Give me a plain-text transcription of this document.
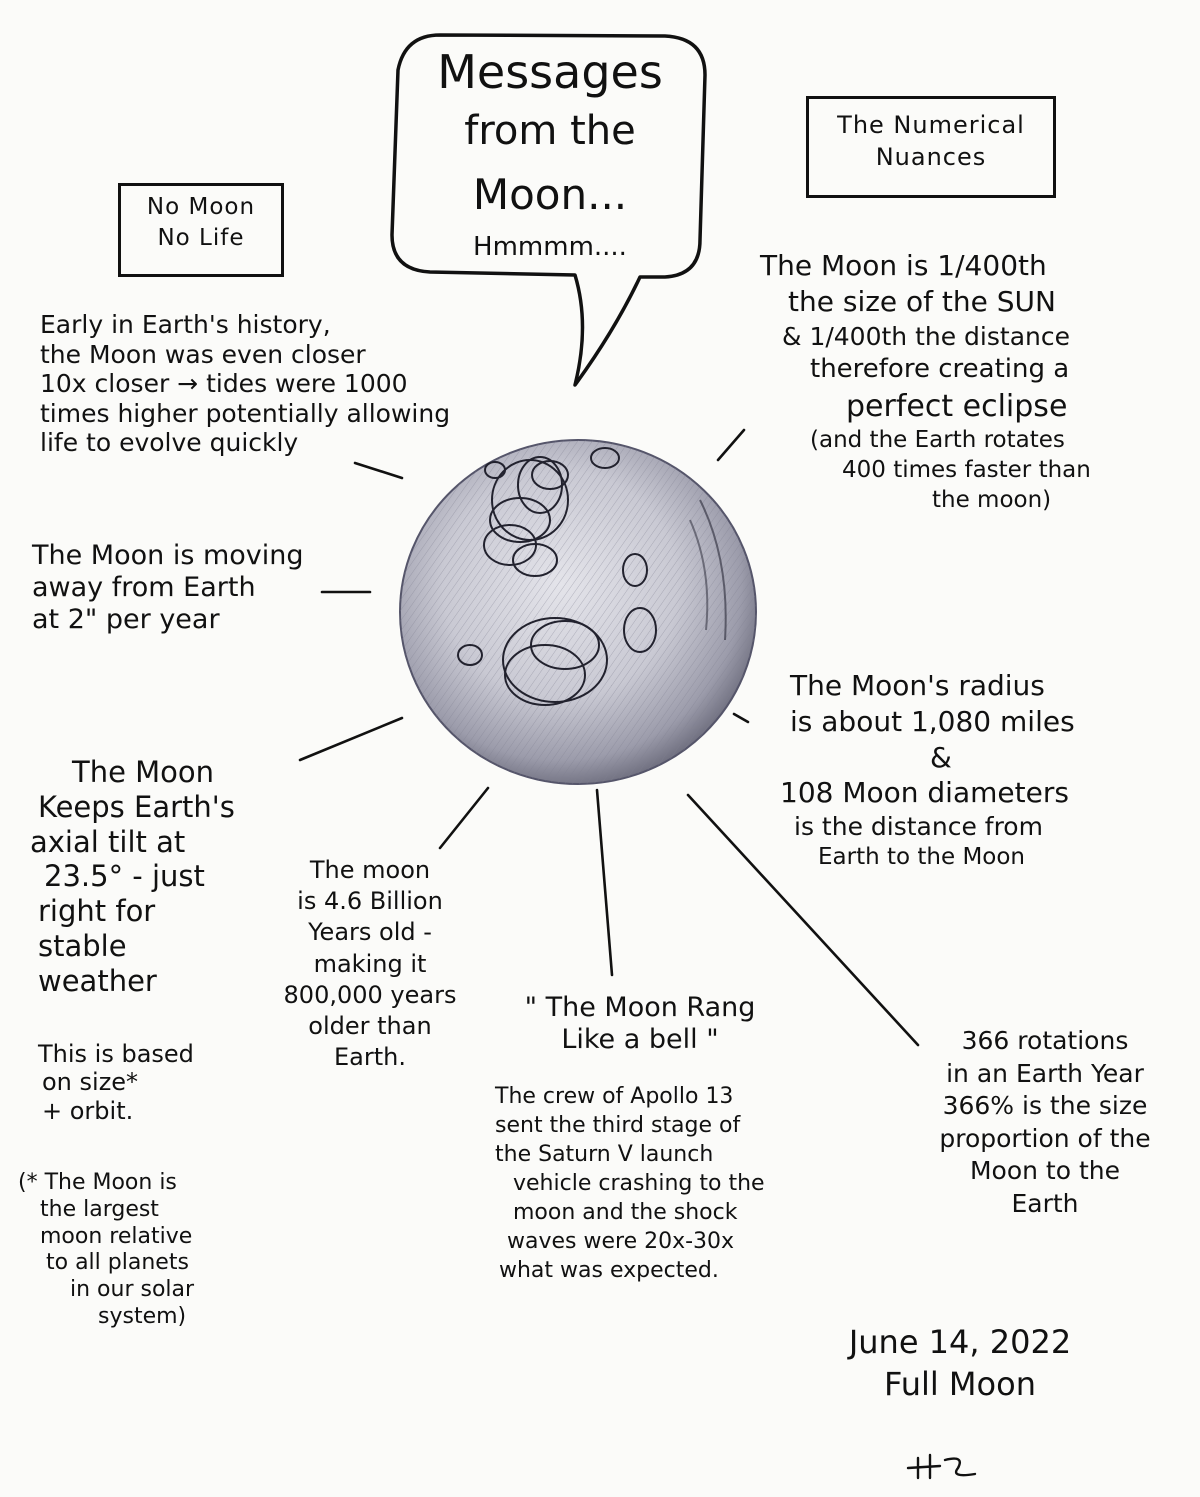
Messages
from the
Moon...
Hmmmm....
No Moon
No Life
The Numerical
Nuances
Early in Earth's history,
the Moon was even closer
10x closer → tides were 1000
times higher potentially allowing
life to evolve quickly
The Moon is moving
away from Earth
at 2" per year
The Moon
Keeps Earth's
axial tilt at
23.5° - just
right for
stable
weather
This is based
on size*
+ orbit.
(* The Moon is
the largest
moon relative
to all planets
in our solar
system)
The moon
is 4.6 Billion
Years old -
making it
800,000 years
older than
Earth.
" The Moon Rang
Like a bell "
The crew of Apollo 13
sent the third stage of
the Saturn V launch
vehicle crashing to the
moon and the shock
waves were 20x-30x
what was expected.
366 rotations
in an Earth Year
366% is the size
proportion of the
Moon to the
Earth
The Moon is 1/400th
the size of the SUN
& 1/400th the distance
therefore creating a
perfect eclipse
(and the Earth rotates
400 times faster than
the moon)
The Moon's radius
is about 1,080 miles
&
108 Moon diameters
is the distance from
Earth to the Moon
June 14, 2022
Full Moon
